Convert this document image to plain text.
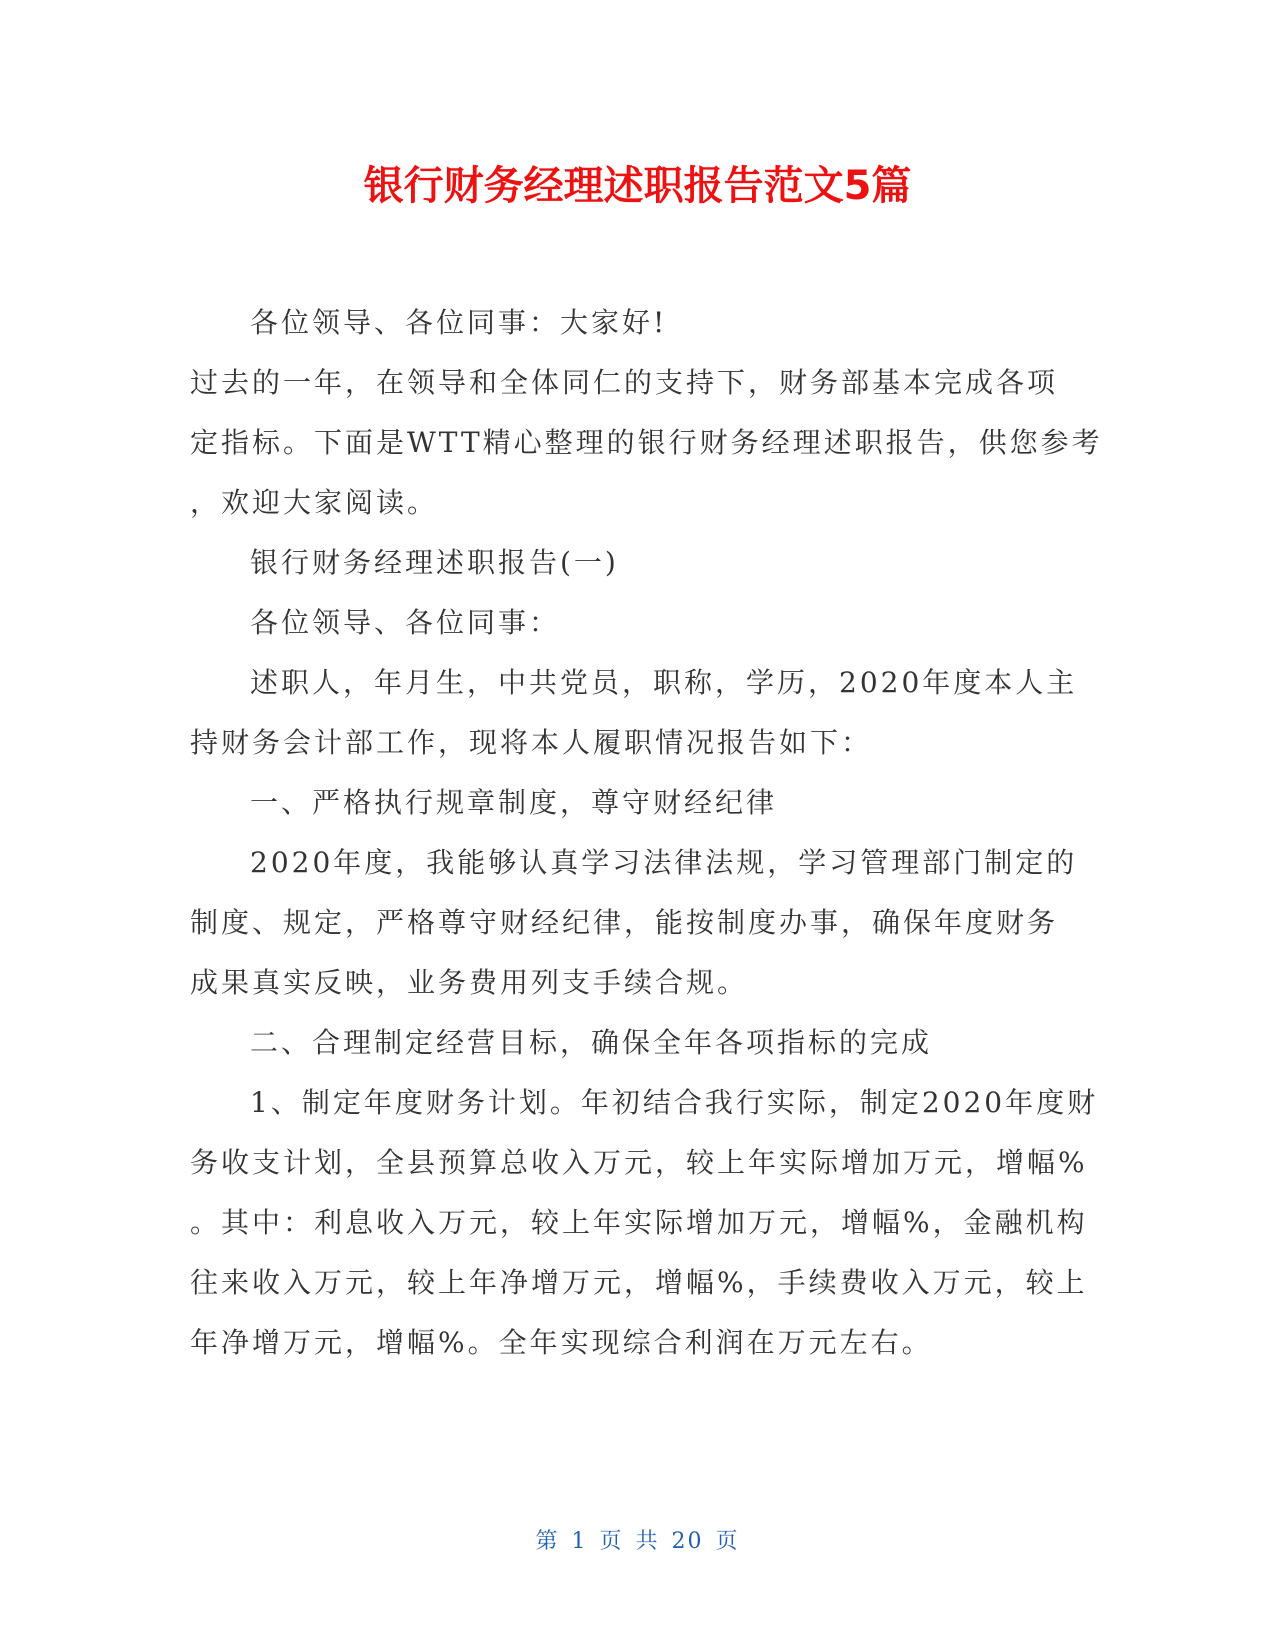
银行财务经理述职报告范文5篇
各位领导、各位同事：大家好!
过去的一年，在领导和全体同仁的支持下，财务部基本完成各项
定指标。下面是WTT精心整理的银行财务经理述职报告，供您参考
，欢迎大家阅读。
银行财务经理述职报告(一)
各位领导、各位同事：
述职人，年月生，中共党员，职称，学历，2020年度本人主
持财务会计部工作，现将本人履职情况报告如下：
一、严格执行规章制度，尊守财经纪律
2020年度，我能够认真学习法律法规，学习管理部门制定的
制度、规定，严格尊守财经纪律，能按制度办事，确保年度财务
成果真实反映，业务费用列支手续合规。
二、合理制定经营目标，确保全年各项指标的完成
1、制定年度财务计划。年初结合我行实际，制定2020年度财
务收支计划，全县预算总收入万元，较上年实际增加万元，增幅%
。其中：利息收入万元，较上年实际增加万元，增幅%，金融机构
往来收入万元，较上年净增万元，增幅%，手续费收入万元，较上
年净增万元，增幅%。全年实现综合利润在万元左右。
第 1 页 共 20 页
